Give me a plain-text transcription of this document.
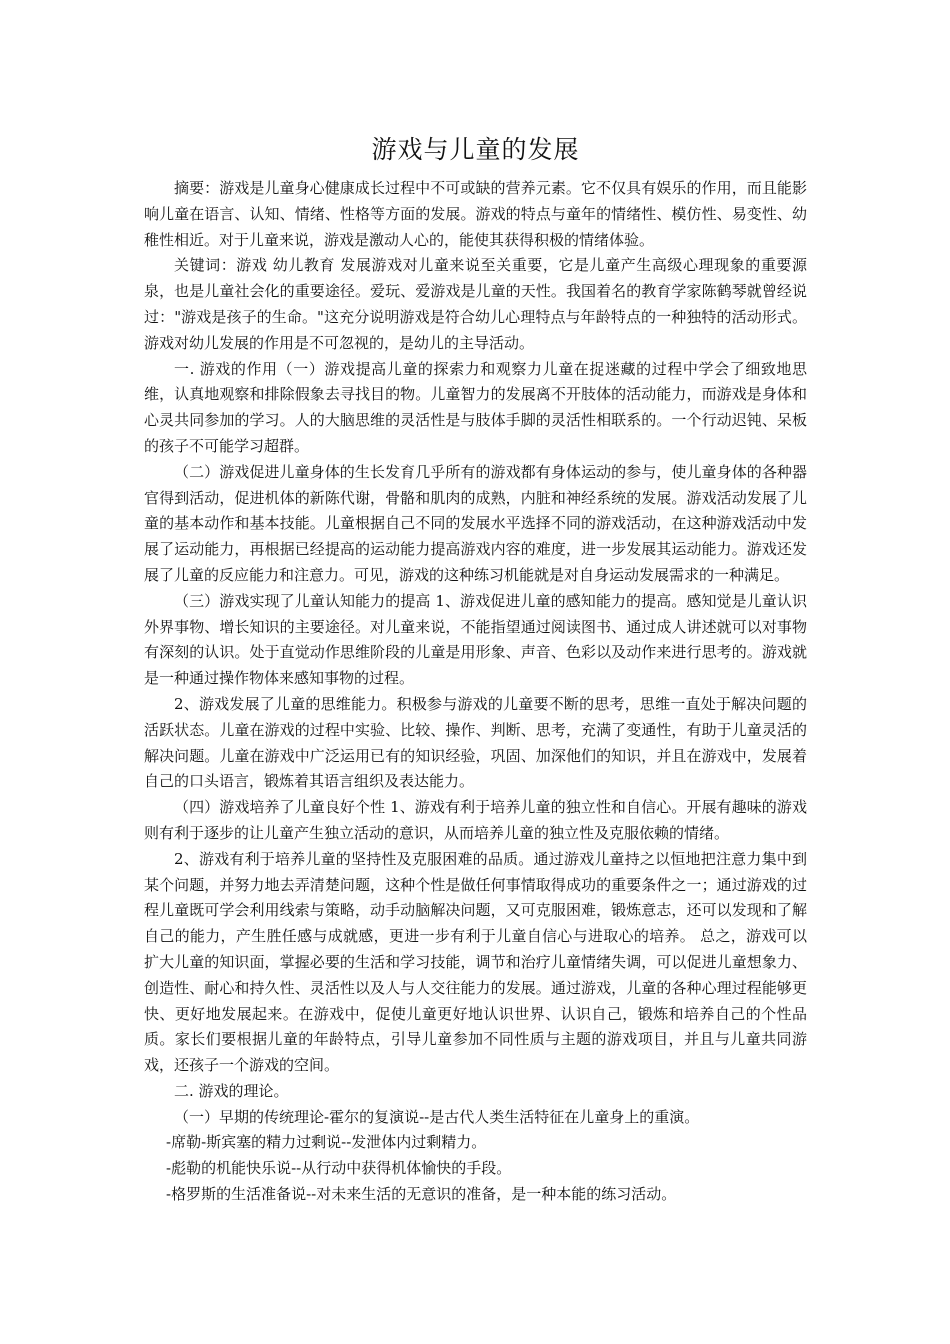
游戏与儿童的发展

摘要：游戏是儿童身心健康成长过程中不可或缺的营养元素。它不仅具有娱乐的作用，而且能影响儿童在语言、认知、情绪、性格等方面的发展。游戏的特点与童年的情绪性、模仿性、易变性、幼稚性相近。对于儿童来说，游戏是激动人心的，能使其获得积极的情绪体验。

关键词：游戏 幼儿教育 发展游戏对儿童来说至关重要，它是儿童产生高级心理现象的重要源泉，也是儿童社会化的重要途径。爱玩、爱游戏是儿童的天性。我国着名的教育学家陈鹤琴就曾经说过："游戏是孩子的生命。"这充分说明游戏是符合幼儿心理特点与年龄特点的一种独特的活动形式。游戏对幼儿发展的作用是不可忽视的，是幼儿的主导活动。

一. 游戏的作用（一）游戏提高儿童的探索力和观察力儿童在捉迷藏的过程中学会了细致地思维，认真地观察和排除假象去寻找目的物。儿童智力的发展离不开肢体的活动能力，而游戏是身体和心灵共同参加的学习。人的大脑思维的灵活性是与肢体手脚的灵活性相联系的。一个行动迟钝、呆板的孩子不可能学习超群。

（二）游戏促进儿童身体的生长发育几乎所有的游戏都有身体运动的参与，使儿童身体的各种器官得到活动，促进机体的新陈代谢，骨骼和肌肉的成熟，内脏和神经系统的发展。游戏活动发展了儿童的基本动作和基本技能。儿童根据自己不同的发展水平选择不同的游戏活动，在这种游戏活动中发展了运动能力，再根据已经提高的运动能力提高游戏内容的难度，进一步发展其运动能力。游戏还发展了儿童的反应能力和注意力。可见，游戏的这种练习机能就是对自身运动发展需求的一种满足。

（三）游戏实现了儿童认知能力的提高 1、游戏促进儿童的感知能力的提高。感知觉是儿童认识外界事物、增长知识的主要途径。对儿童来说，不能指望通过阅读图书、通过成人讲述就可以对事物有深刻的认识。处于直觉动作思维阶段的儿童是用形象、声音、色彩以及动作来进行思考的。游戏就是一种通过操作物体来感知事物的过程。

2、游戏发展了儿童的思维能力。积极参与游戏的儿童要不断的思考，思维一直处于解决问题的活跃状态。儿童在游戏的过程中实验、比较、操作、判断、思考，充满了变通性，有助于儿童灵活的解决问题。儿童在游戏中广泛运用已有的知识经验，巩固、加深他们的知识，并且在游戏中，发展着自己的口头语言，锻炼着其语言组织及表达能力。

（四）游戏培养了儿童良好个性 1、游戏有利于培养儿童的独立性和自信心。开展有趣味的游戏则有利于逐步的让儿童产生独立活动的意识，从而培养儿童的独立性及克服依赖的情绪。

2、游戏有利于培养儿童的坚持性及克服困难的品质。通过游戏儿童持之以恒地把注意力集中到某个问题，并努力地去弄清楚问题，这种个性是做任何事情取得成功的重要条件之一；通过游戏的过程儿童既可学会利用线索与策略，动手动脑解决问题，又可克服困难，锻炼意志，还可以发现和了解自己的能力，产生胜任感与成就感，更进一步有利于儿童自信心与进取心的培养。 总之，游戏可以扩大儿童的知识面，掌握必要的生活和学习技能，调节和治疗儿童情绪失调，可以促进儿童想象力、创造性、耐心和持久性、灵活性以及人与人交往能力的发展。通过游戏，儿童的各种心理过程能够更快、更好地发展起来。在游戏中，促使儿童更好地认识世界、认识自己，锻炼和培养自己的个性品质。家长们要根据儿童的年龄特点，引导儿童参加不同性质与主题的游戏项目，并且与儿童共同游戏，还孩子一个游戏的空间。

二. 游戏的理论。

（一）早期的传统理论-霍尔的复演说--是古代人类生活特征在儿童身上的重演。

-席勒-斯宾塞的精力过剩说--发泄体内过剩精力。

-彪勒的机能快乐说--从行动中获得机体愉快的手段。

-格罗斯的生活准备说--对未来生活的无意识的准备，是一种本能的练习活动。
